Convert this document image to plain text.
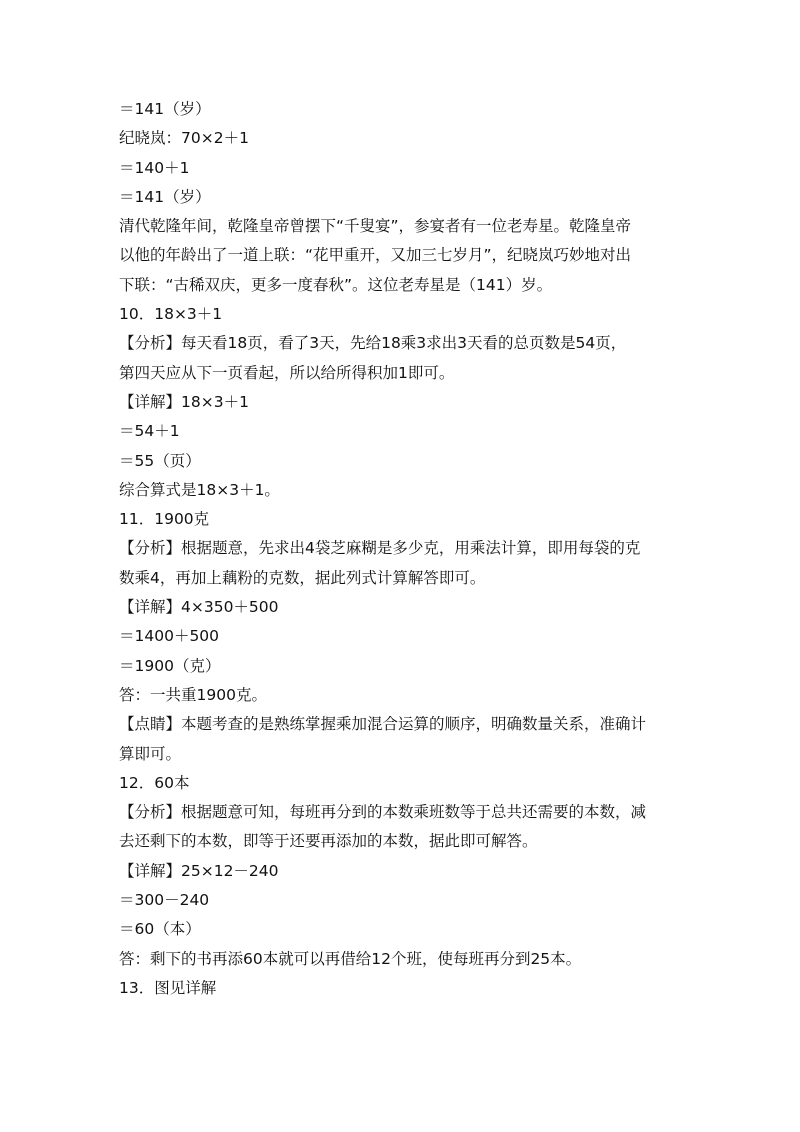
＝141（岁）
纪晓岚：70×2＋1
＝140＋1
＝141（岁）
清代乾隆年间，乾隆皇帝曾摆下“千叟宴”，参宴者有一位老寿星。乾隆皇帝
以他的年龄出了一道上联：“花甲重开，又加三七岁月”，纪晓岚巧妙地对出
下联：“古稀双庆，更多一度春秋”。这位老寿星是（141）岁。
10．18×3＋1
【分析】每天看18页，看了3天，先给18乘3求出3天看的总页数是54页，
第四天应从下一页看起，所以给所得积加1即可。
【详解】18×3＋1
＝54＋1
＝55（页）
综合算式是18×3＋1。
11．1900克
【分析】根据题意，先求出4袋芝麻糊是多少克，用乘法计算，即用每袋的克
数乘4，再加上藕粉的克数，据此列式计算解答即可。
【详解】4×350＋500
＝1400＋500
＝1900（克）
答：一共重1900克。
【点睛】本题考查的是熟练掌握乘加混合运算的顺序，明确数量关系，准确计
算即可。
12．60本
【分析】根据题意可知，每班再分到的本数乘班数等于总共还需要的本数，减
去还剩下的本数，即等于还要再添加的本数，据此即可解答。
【详解】25×12－240
＝300－240
＝60（本）
答：剩下的书再添60本就可以再借给12个班，使每班再分到25本。
13．图见详解
